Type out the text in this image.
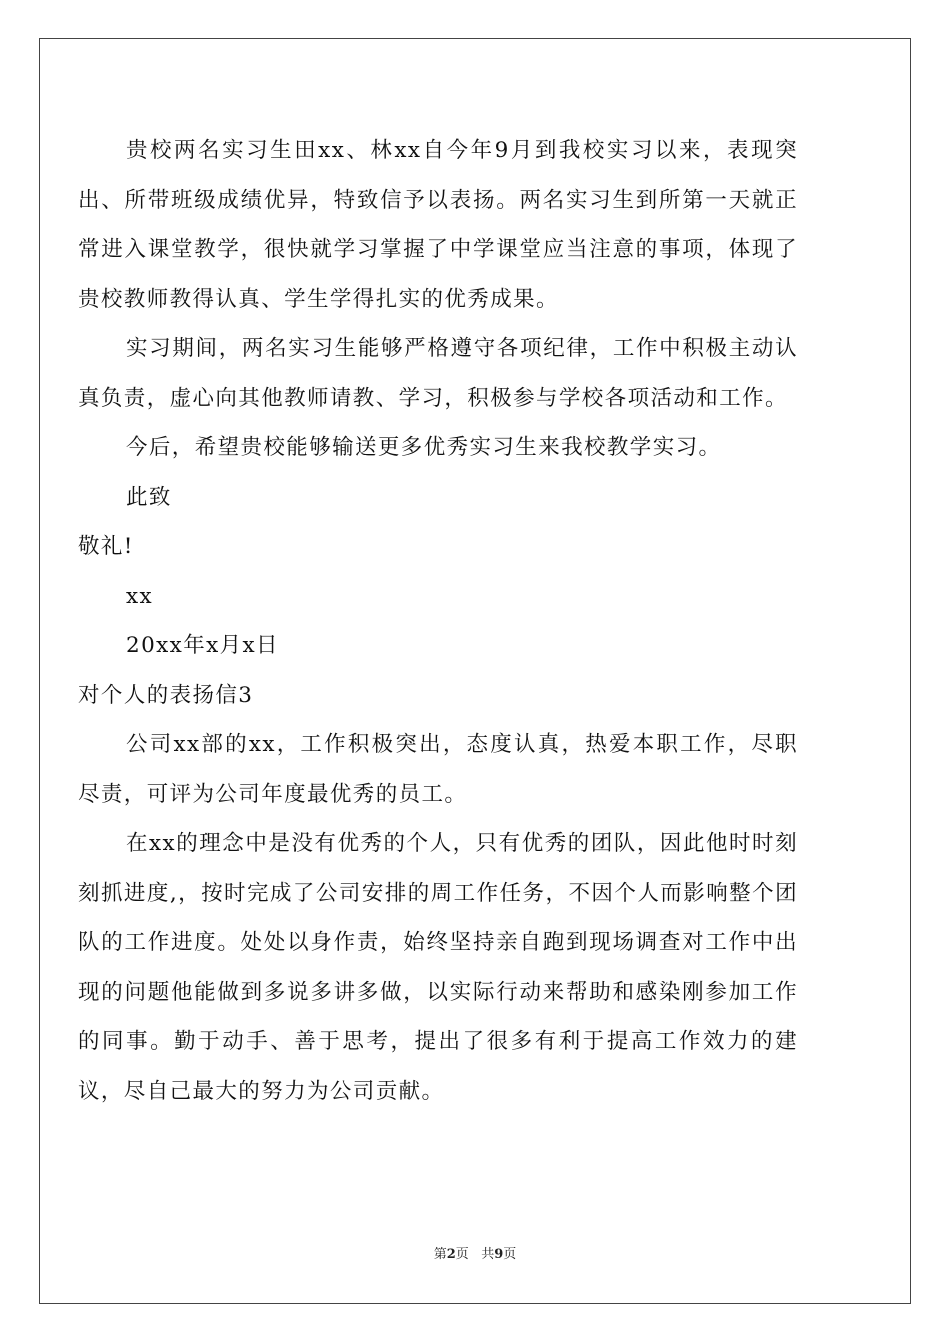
贵校两名实习生田xx、林xx自今年9月到我校实习以来，表现突出、所带班级成绩优异，特致信予以表扬。两名实习生到所第一天就正常进入课堂教学，很快就学习掌握了中学课堂应当注意的事项，体现了贵校教师教得认真、学生学得扎实的优秀成果。

实习期间，两名实习生能够严格遵守各项纪律，工作中积极主动认真负责，虚心向其他教师请教、学习，积极参与学校各项活动和工作。

今后，希望贵校能够输送更多优秀实习生来我校教学实习。

此致

敬礼!

xx

20xx年x月x日

对个人的表扬信3

公司xx部的xx，工作积极突出，态度认真，热爱本职工作，尽职尽责，可评为公司年度最优秀的员工。

在xx的理念中是没有优秀的个人，只有优秀的团队，因此他时时刻刻抓进度,，按时完成了公司安排的周工作任务，不因个人而影响整个团队的工作进度。处处以身作责，始终坚持亲自跑到现场调查对工作中出现的问题他能做到多说多讲多做，以实际行动来帮助和感染刚参加工作的同事。勤于动手、善于思考，提出了很多有利于提高工作效力的建议，尽自己最大的努力为公司贡献。

第2页 共9页
